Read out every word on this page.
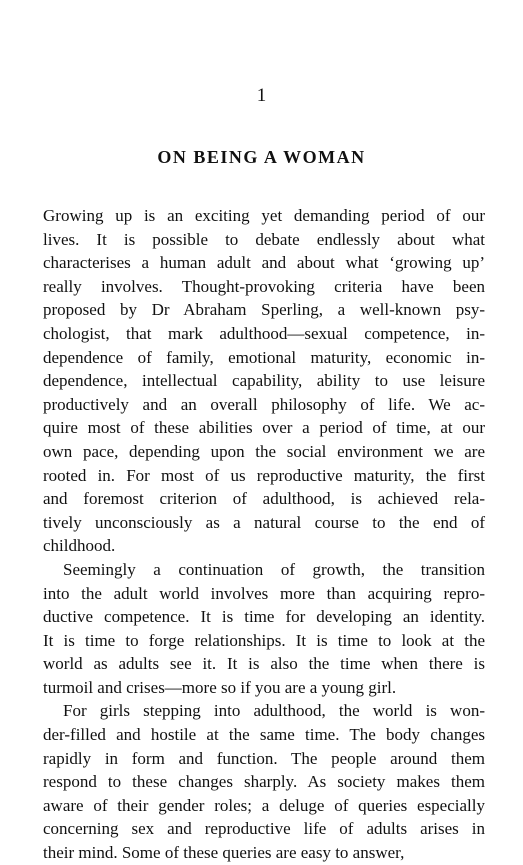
1
ON BEING A WOMAN
Growing up is an exciting yet demanding period of our
lives. It is possible to debate endlessly about what
characterises a human adult and about what ‘growing up’
really involves. Thought-provoking criteria have been
proposed by Dr Abraham Sperling, a well-known psy-
chologist, that mark adulthood—sexual competence, in-
dependence of family, emotional maturity, economic in-
dependence, intellectual capability, ability to use leisure
productively and an overall philosophy of life. We ac-
quire most of these abilities over a period of time, at our
own pace, depending upon the social environment we are
rooted in. For most of us reproductive maturity, the first
and foremost criterion of adulthood, is achieved rela-
tively unconsciously as a natural course to the end of
childhood.
Seemingly a continuation of growth, the transition
into the adult world involves more than acquiring repro-
ductive competence. It is time for developing an identity.
It is time to forge relationships. It is time to look at the
world as adults see it. It is also the time when there is
turmoil and crises—more so if you are a young girl.
For girls stepping into adulthood, the world is won-
der-filled and hostile at the same time. The body changes
rapidly in form and function. The people around them
respond to these changes sharply. As society makes them
aware of their gender roles; a deluge of queries especially
concerning sex and reproductive life of adults arises in
their mind. Some of these queries are easy to answer,
